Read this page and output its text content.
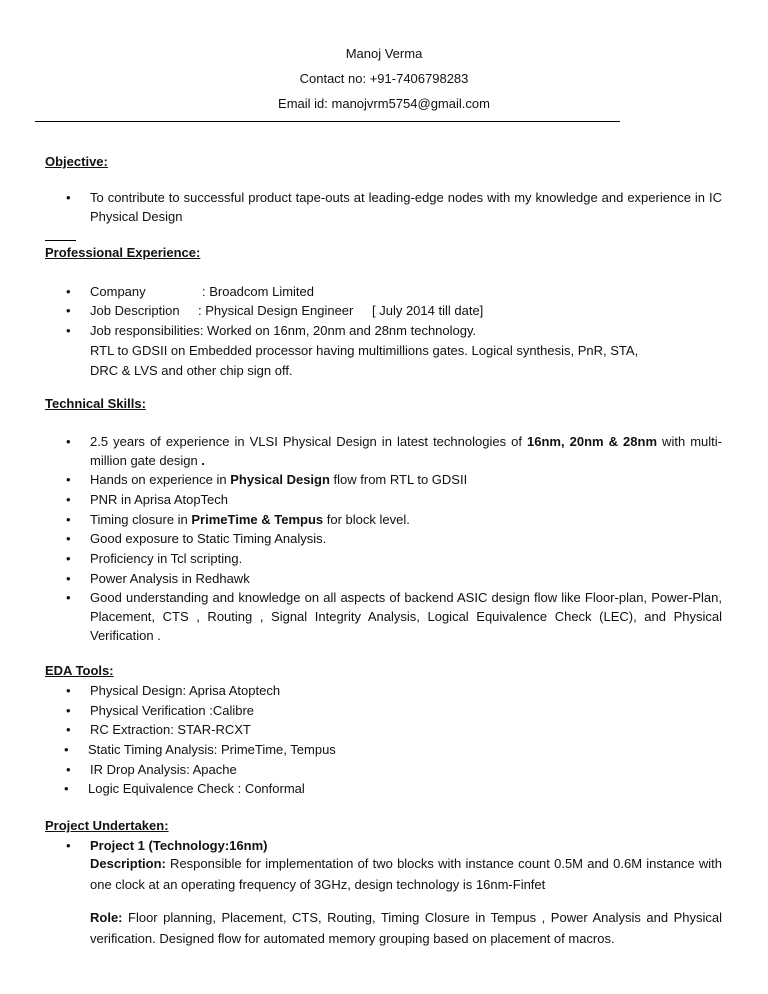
Manoj Verma
Contact no: +91-7406798283
Email id: manojvrm5754@gmail.com
Objective:
• To contribute to successful product tape-outs at leading-edge nodes with my knowledge and experience in IC Physical Design
Professional Experience:
• Company	: Broadcom Limited
• Job Description : Physical Design Engineer [ July 2014 till date]
• Job responsibilities: Worked on 16nm, 20nm and 28nm technology.
RTL to GDSII on Embedded processor having multimillions gates. Logical synthesis, PnR, STA,
DRC & LVS and other chip sign off.
Technical Skills:
• 2.5 years of experience in VLSI Physical Design in latest technologies of 16nm, 20nm & 28nm with multi-million gate design .
• Hands on experience in Physical Design flow from RTL to GDSII
• PNR in Aprisa AtopTech
• Timing closure in PrimeTime & Tempus for block level.
• Good exposure to Static Timing Analysis.
• Proficiency in Tcl scripting.
• Power Analysis in Redhawk
• Good understanding and knowledge on all aspects of backend ASIC design flow like Floor-plan, Power-Plan, Placement, CTS , Routing , Signal Integrity Analysis, Logical Equivalence Check (LEC), and Physical Verification .
EDA Tools:
• Physical Design: Aprisa Atoptech
• Physical Verification :Calibre
• RC Extraction: STAR-RCXT
• Static Timing Analysis: PrimeTime, Tempus
• IR Drop Analysis: Apache
• Logic Equivalence Check : Conformal
Project Undertaken:
• Project 1 (Technology:16nm)
Description: Responsible for implementation of two blocks with instance count 0.5M and 0.6M instance with one clock at an operating frequency of 3GHz, design technology is 16nm-Finfet
Role: Floor planning, Placement, CTS, Routing, Timing Closure in Tempus , Power Analysis and Physical verification. Designed flow for automated memory grouping based on placement of macros.
